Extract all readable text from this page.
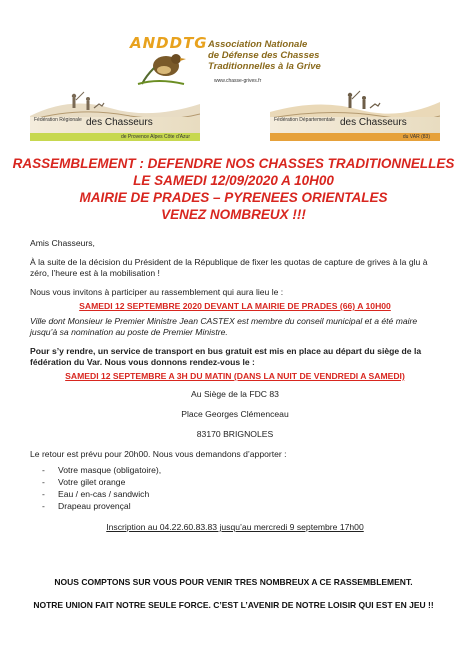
ANDDTG Association Nationale
de Défense des Chasses
Traditionnelles à la Grive
www.chasse-grives.fr
Fédération Régionale des Chasseurs
de Provence Alpes Côte d'Azur
Fédération Départementale des Chasseurs
du VAR (83)
RASSEMBLEMENT : DEFENDRE NOS CHASSES TRADITIONNELLES
LE SAMEDI 12/09/2020 A 10H00
MAIRIE DE PRADES – PYRENEES ORIENTALES
VENEZ NOMBREUX !!!
Amis Chasseurs,
À la suite de la décision du Président de la République de fixer les quotas de capture de grives à la glu à zéro, l’heure est à la mobilisation !
Nous vous invitons à participer au rassemblement qui aura lieu le :
SAMEDI 12 SEPTEMBRE 2020 DEVANT LA MAIRIE DE PRADES (66) A 10H00
Ville dont Monsieur le Premier Ministre Jean CASTEX est membre du conseil municipal et a été maire jusqu’à sa nomination au poste de Premier Ministre.
Pour s’y rendre, un service de transport en bus gratuit est mis en place au départ du siège de la fédération du Var. Nous vous donnons rendez-vous le :
SAMEDI 12 SEPTEMBRE A 3H DU MATIN (DANS LA NUIT DE VENDREDI A SAMEDI)
Au Siège de la FDC 83
Place Georges Clémenceau
83170 BRIGNOLES
Le retour est prévu pour 20h00. Nous vous demandons d’apporter :
- Votre masque (obligatoire),
- Votre gilet orange
- Eau / en-cas / sandwich
- Drapeau provençal
Inscription au 04.22.60.83.83 jusqu’au mercredi 9 septembre 17h00
NOUS COMPTONS SUR VOUS POUR VENIR TRES NOMBREUX A CE RASSEMBLEMENT.
NOTRE UNION FAIT NOTRE SEULE FORCE. C’EST L’AVENIR DE NOTRE LOISIR QUI EST EN JEU !!
